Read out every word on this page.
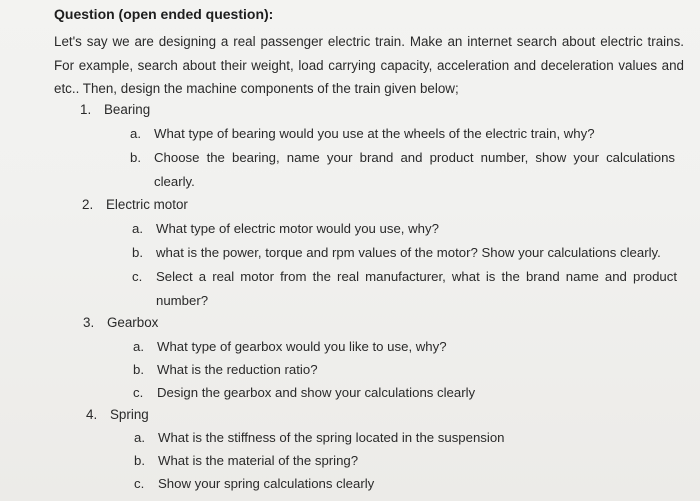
Question (open ended question):
Let's say we are designing a real passenger electric train. Make an internet search about electric trains. For example, search about their weight, load carrying capacity, acceleration and deceleration values and etc.. Then, design the machine components of the train given below;
1. Bearing
a. What type of bearing would you use at the wheels of the electric train, why?
b. Choose the bearing, name your brand and product number, show your calculations clearly.
2. Electric motor
a. What type of electric motor would you use, why?
b. what is the power, torque and rpm values of the motor? Show your calculations clearly.
c.	Select a real motor from the real manufacturer, what is the brand name and product number?
3. Gearbox
a. What type of gearbox would you like to use, why?
b. What is the reduction ratio?
c.	Design the gearbox and show your calculations clearly
4. Spring
a. What is the stiffness of the spring located in the suspension
b. What is the material of the spring?
c.	Show your spring calculations clearly
